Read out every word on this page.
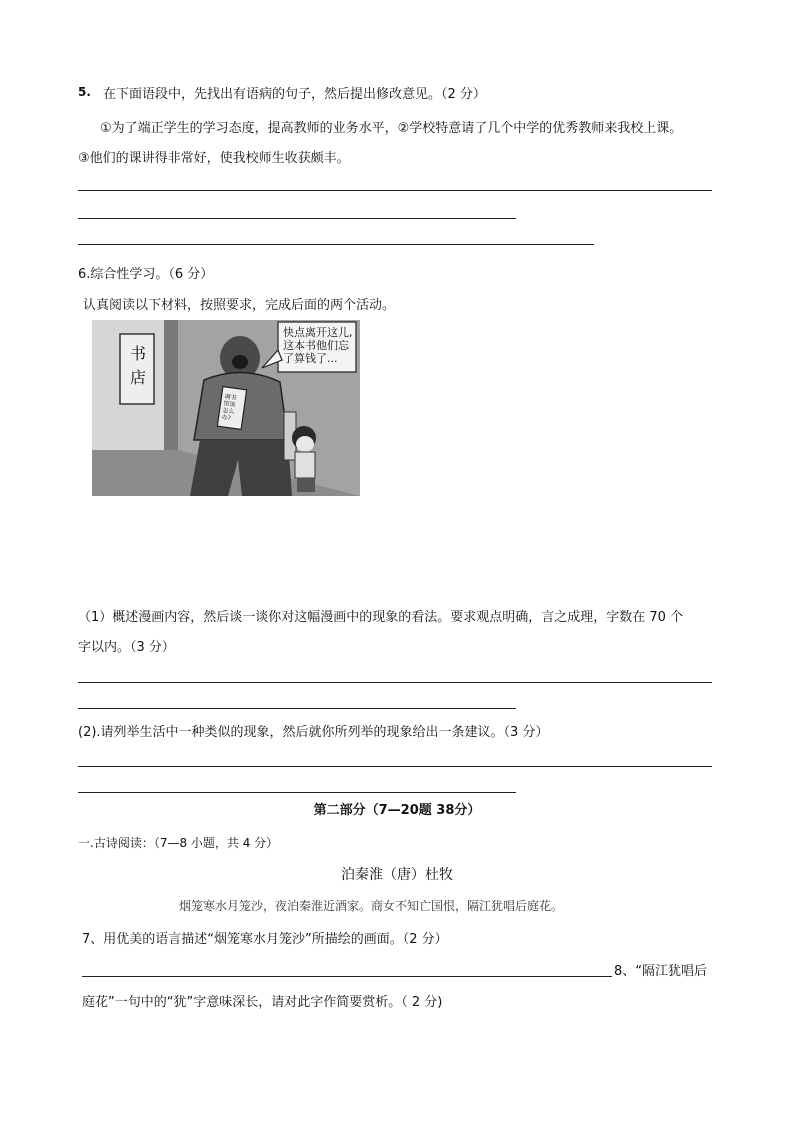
5. 在下面语段中，先找出有语病的句子，然后提出修改意见。（2 分）
①为了端正学生的学习态度，提高教师的业务水平，②学校特意请了几个中学的优秀教师来我校上课。
③他们的课讲得非常好，使我校师生收获颇丰。
6.综合性学习。（6 分）
认真阅读以下材料，按照要求，完成后面的两个活动。
书
店
快点离开这儿,
这本书他们忘
了算钱了...
调书馆该怎么办?
（1）概述漫画内容，然后谈一谈你对这幅漫画中的现象的看法。要求观点明确，言之成理，字数在 70 个
字以内。（3 分）
(2).请列举生活中一种类似的现象，然后就你所列举的现象给出一条建议。（3 分）
第二部分（7—20题 38分）
一.古诗阅读：（7—8 小题，共 4 分）
泊秦淮（唐）杜牧
烟笼寒水月笼沙，夜泊秦淮近酒家。商女不知亡国恨，隔江犹唱后庭花。
7、用优美的语言描述“烟笼寒水月笼沙”所描绘的画面。（2 分）
8、“隔江犹唱后
庭花”一句中的“犹”字意味深长，请对此字作简要赏析。（ 2 分)
